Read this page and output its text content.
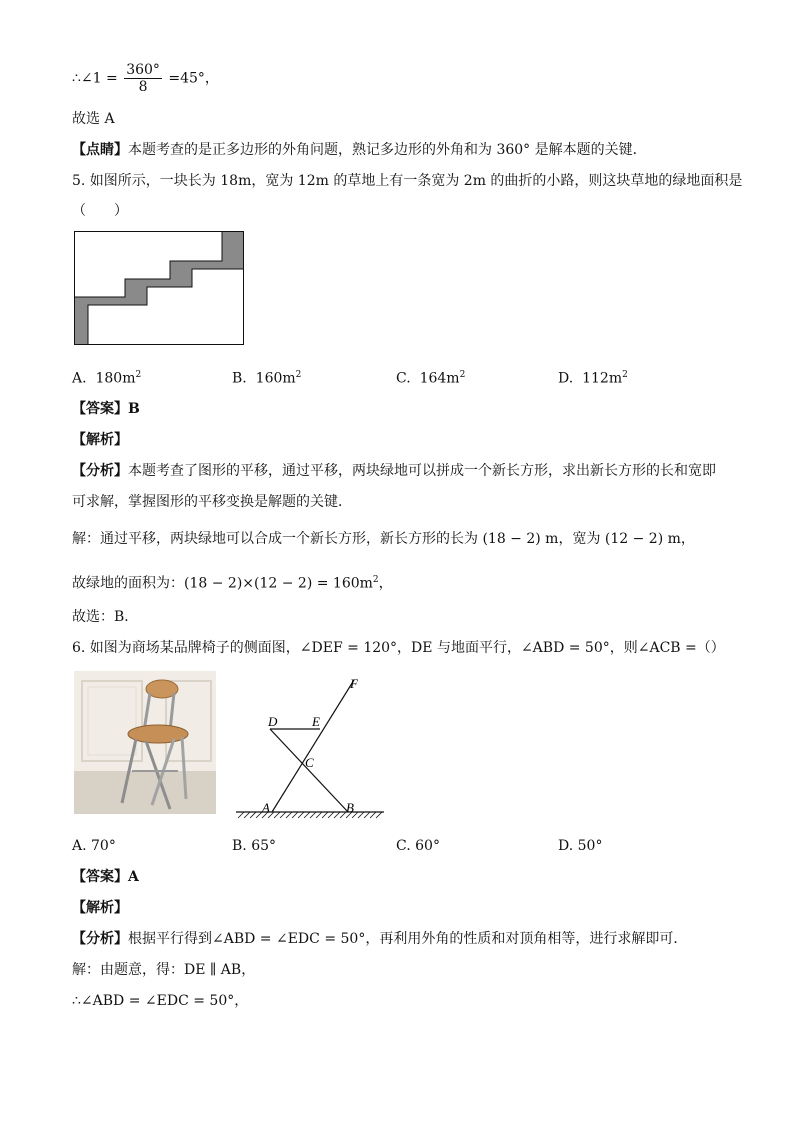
∴∠1 = $\frac{360^\circ}{8} =45^\circ$，
故选 A
【点睛】本题考查的是正多边形的外角问题，熟记多边形的外角和为 360° 是解本题的关键．
5. 如图所示，一块长为 18m，宽为 12m 的草地上有一条宽为 2m 的曲折的小路，则这块草地的绿地面积是
（　　）
A. $180m^2$	B. $160m^2$	C. $164m^2$	D. $112m^2$
【答案】B
【解析】
【分析】本题考查了图形的平移，通过平移，两块绿地可以拼成一个新长方形，求出新长方形的长和宽即
可求解，掌握图形的平移变换是解题的关键．
解：通过平移，两块绿地可以合成一个新长方形，新长方形的长为 (18 − 2) m，宽为 (12 − 2) m，
故绿地的面积为：$(18 - 2)\times(12 - 2) = 160m^2$，
故选：B．
6. 如图为商场某品牌椅子的侧面图，∠DEF = 120°，DE 与地面平行，∠ABD = 50°，则∠ACB =（）
F
D	E
C
A	B
A. 70°	B. 65°	C. 60°	D. 50°
【答案】A
【解析】
【分析】根据平行得到∠ABD = ∠EDC = 50°，再利用外角的性质和对顶角相等，进行求解即可．
解：由题意，得：DE ∥ AB，
∴∠ABD = ∠EDC = 50°，
